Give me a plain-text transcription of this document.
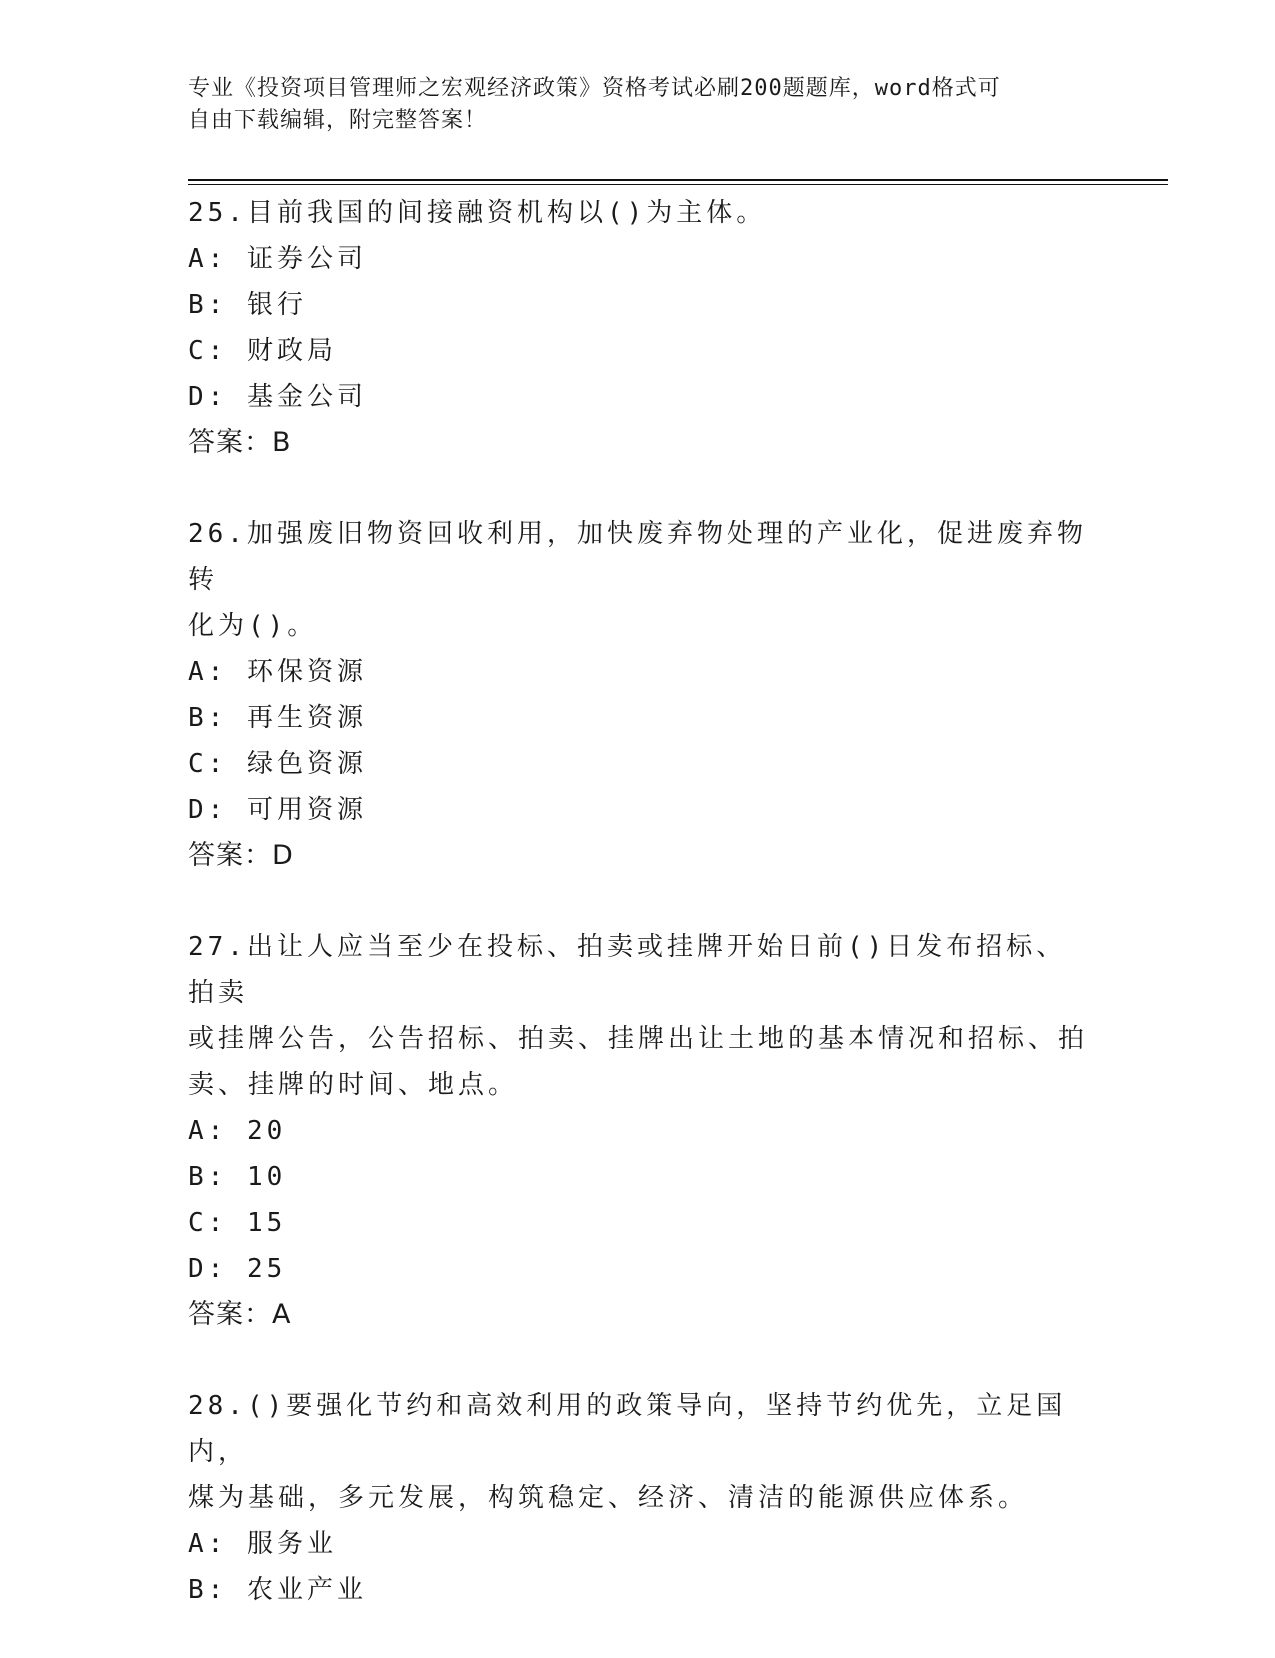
专业《投资项目管理师之宏观经济政策》资格考试必刷200题题库，word格式可
自由下载编辑，附完整答案！
25.目前我国的间接融资机构以()为主体。
A: 证券公司
B: 银行
C: 财政局
D: 基金公司
答案：B
26.加强废旧物资回收利用，加快废弃物处理的产业化，促进废弃物转
化为()。
A: 环保资源
B: 再生资源
C: 绿色资源
D: 可用资源
答案：D
27.出让人应当至少在投标、拍卖或挂牌开始日前()日发布招标、拍卖
或挂牌公告，公告招标、拍卖、挂牌出让土地的基本情况和招标、拍
卖、挂牌的时间、地点。
A: 20
B: 10
C: 15
D: 25
答案：A
28.()要强化节约和高效利用的政策导向，坚持节约优先，立足国内，
煤为基础，多元发展，构筑稳定、经济、清洁的能源供应体系。
A: 服务业
B: 农业产业
